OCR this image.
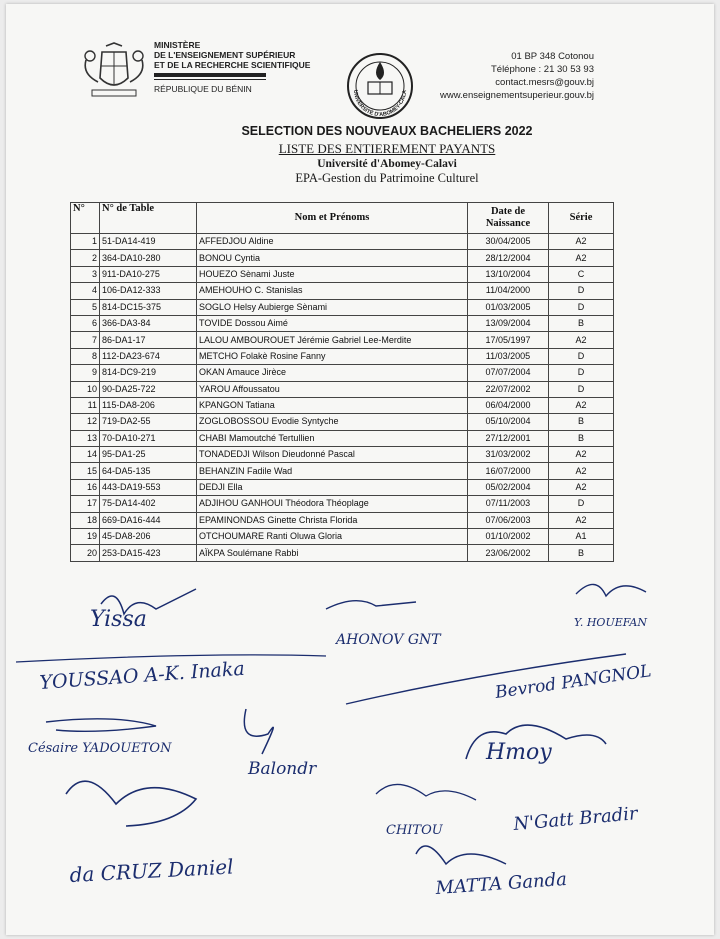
MINISTÈRE
DE L'ENSEIGNEMENT SUPÉRIEUR
ET DE LA RECHERCHE SCIENTIFIQUE
RÉPUBLIQUE DU BÉNIN	UNIVERSITÉ D'ABOMEY-CALA
01 BP 348 Cotonou
Téléphone : 21 30 53 93
contact.mesrs@gouv.bj
www.enseignementsuperieur.gouv.bj
SELECTION DES NOUVEAUX BACHELIERS 2022
LISTE DES ENTIEREMENT PAYANTS
Université d'Abomey-Calavi
EPA-Gestion du Patrimoine Culturel
N°	N° de Table	Nom et Prénoms	Date de
Naissance	Série
1	51-DA14-419	AFFEDJOU Aldine	30/04/2005	A2
2	364-DA10-280	BONOU Cyntia	28/12/2004	A2
3	911-DA10-275	HOUEZO Sènami Juste	13/10/2004	C
4	106-DA12-333	AMEHOUHO C. Stanislas	11/04/2000	D
5	814-DC15-375	SOGLO Helsy Aubierge Sènami	01/03/2005	D
6	366-DA3-84	TOVIDE Dossou Aimé	13/09/2004	B
7	86-DA1-17	LALOU AMBOUROUET Jérémie Gabriel Lee-Merdite	17/05/1997	A2
8	112-DA23-674	METCHO Folakè Rosine Fanny	11/03/2005	D
9	814-DC9-219	OKAN Amauce Jirèce	07/07/2004	D
10	90-DA25-722	YAROU Affoussatou	22/07/2002	D
11	115-DA8-206	KPANGON Tatiana	06/04/2000	A2
12	719-DA2-55	ZOGLOBOSSOU Evodie Syntyche	05/10/2004	B
13	70-DA10-271	CHABI Mamoutché Tertullien	27/12/2001	B
14	95-DA1-25	TONADEDJI Wilson Dieudonné Pascal	31/03/2002	A2
15	64-DA5-135	BEHANZIN Fadile Wad	16/07/2000	A2
16	443-DA19-553	DEDJI Ella	05/02/2004	A2
17	75-DA14-402	ADJIHOU GANHOUI Théodora Théoplage	07/11/2003	D
18	669-DA16-444	EPAMINONDAS Ginette Christa Florida	07/06/2003	A2
19	45-DA8-206	OTCHOUMARE Ranti Oluwa Gloria	01/10/2002	A1
20	253-DA15-423	AÏKPA Soulémane Rabbi	23/06/2002	B
Yissa
AHONOV GNT
Y. HOUEFAN
YOUSSAO A-K. Inaka	Bevrod PANGNOL
Césaire YADOUETON
Balondr
Hmoy
CHITOU	N'Gatt Bradir
da CRUZ Daniel	MATTA Ganda
